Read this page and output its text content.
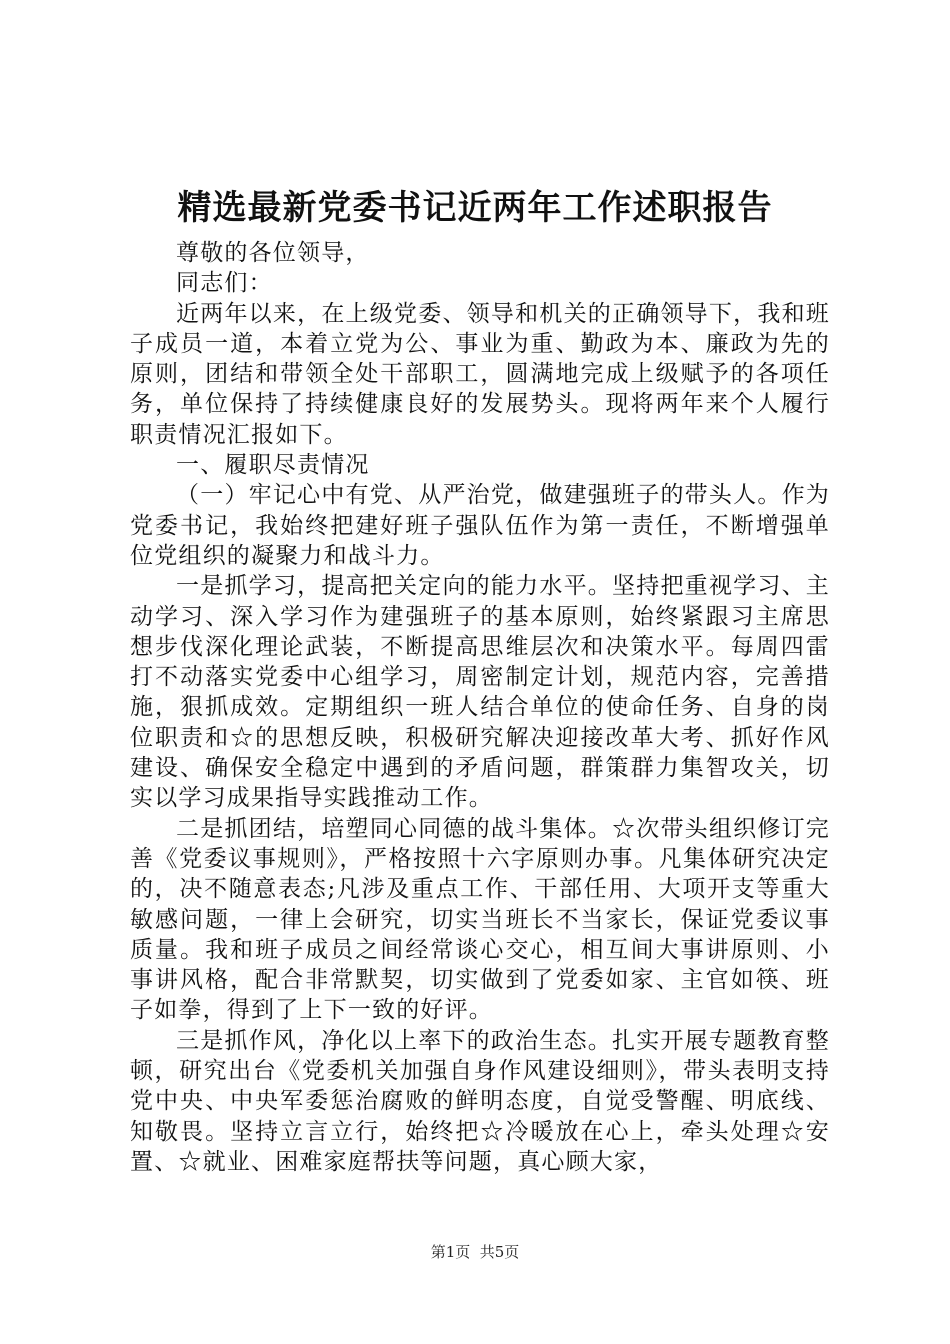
精选最新党委书记近两年工作述职报告

尊敬的各位领导，

同志们：

近两年以来，在上级党委、领导和机关的正确领导下，我和班子成员一道，本着立党为公、事业为重、勤政为本、廉政为先的原则，团结和带领全处干部职工，圆满地完成上级赋予的各项任务，单位保持了持续健康良好的发展势头。现将两年来个人履行职责情况汇报如下。

一、履职尽责情况

（一）牢记心中有党、从严治党，做建强班子的带头人。作为党委书记，我始终把建好班子强队伍作为第一责任，不断增强单位党组织的凝聚力和战斗力。

一是抓学习，提高把关定向的能力水平。坚持把重视学习、主动学习、深入学习作为建强班子的基本原则，始终紧跟习主席思想步伐深化理论武装，不断提高思维层次和决策水平。每周四雷打不动落实党委中心组学习，周密制定计划，规范内容，完善措施，狠抓成效。定期组织一班人结合单位的使命任务、自身的岗位职责和☆的思想反映，积极研究解决迎接改革大考、抓好作风建设、确保安全稳定中遇到的矛盾问题，群策群力集智攻关，切实以学习成果指导实践推动工作。

二是抓团结，培塑同心同德的战斗集体。☆次带头组织修订完善《党委议事规则》，严格按照十六字原则办事。凡集体研究决定的，决不随意表态;凡涉及重点工作、干部任用、大项开支等重大敏感问题，一律上会研究，切实当班长不当家长，保证党委议事质量。我和班子成员之间经常谈心交心，相互间大事讲原则、小事讲风格，配合非常默契，切实做到了党委如家、主官如筷、班子如拳，得到了上下一致的好评。

三是抓作风，净化以上率下的政治生态。扎实开展专题教育整顿，研究出台《党委机关加强自身作风建设细则》，带头表明支持党中央、中央军委惩治腐败的鲜明态度，自觉受警醒、明底线、知敬畏。坚持立言立行，始终把☆冷暖放在心上，牵头处理☆安置、☆就业、困难家庭帮扶等问题，真心顾大家，

第1页  共5页
